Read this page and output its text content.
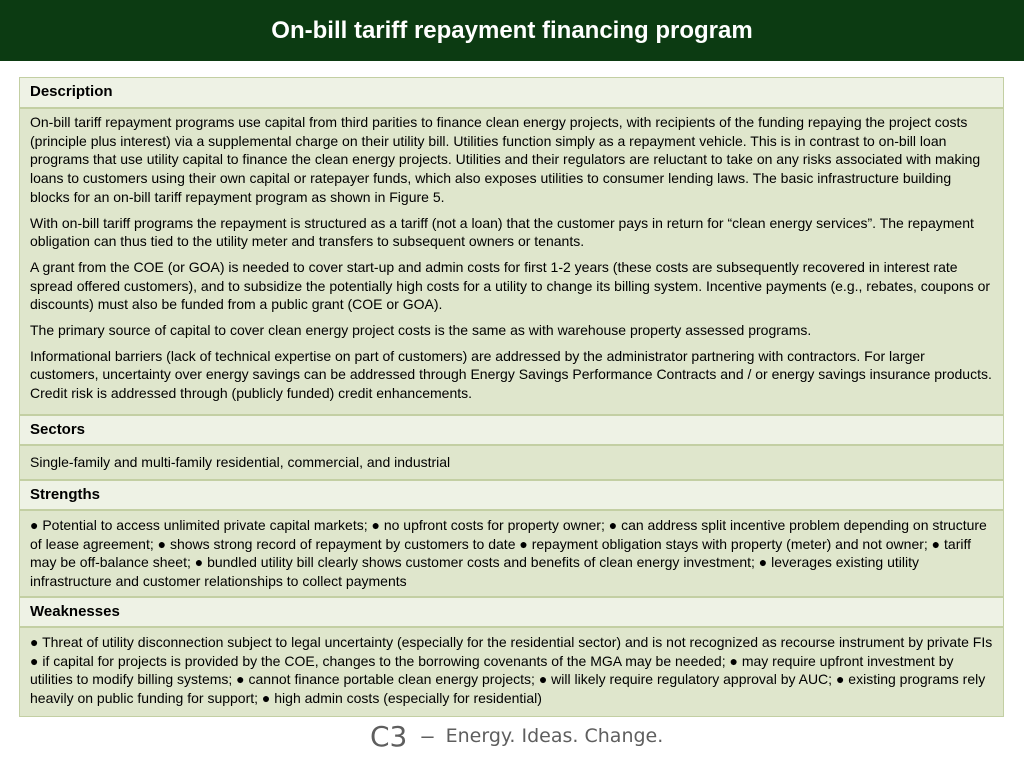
On-bill tariff repayment financing program
Description

On-bill tariff repayment programs use capital from third parities to finance clean energy projects, with recipients of the funding repaying the project costs (principle plus interest) via a supplemental charge on their utility bill. Utilities function simply as a repayment vehicle. This is in contrast to on-bill loan programs that use utility capital to finance the clean energy projects. Utilities and their regulators are reluctant to take on any risks associated with making loans to customers using their own capital or ratepayer funds, which also exposes utilities to consumer lending laws. The basic infrastructure building blocks for an on-bill tariff repayment program as shown in Figure 5.

With on-bill tariff programs the repayment is structured as a tariff (not a loan) that the customer pays in return for “clean energy services”. The repayment obligation can thus tied to the utility meter and transfers to subsequent owners or tenants.

A grant from the COE (or GOA) is needed to cover start-up and admin costs for first 1-2 years (these costs are subsequently recovered in interest rate spread offered customers), and to subsidize the potentially high costs for a utility to change its billing system. Incentive payments (e.g., rebates, coupons or discounts) must also be funded from a public grant (COE or GOA).

The primary source of capital to cover clean energy project costs is the same as with warehouse property assessed programs.

Informational barriers (lack of technical expertise on part of customers) are addressed by the administrator partnering with contractors. For larger customers, uncertainty over energy savings can be addressed through Energy Savings Performance Contracts and / or energy savings insurance products. Credit risk is addressed through (publicly funded) credit enhancements.

Sectors
Single-family and multi-family residential, commercial, and industrial
Strengths
● Potential to access unlimited private capital markets; ● no upfront costs for property owner; ● can address split incentive problem depending on structure of lease agreement; ● shows strong record of repayment by customers to date ● repayment obligation stays with property (meter) and not owner; ● tariff may be off-balance sheet; ● bundled utility bill clearly shows customer costs and benefits of clean energy investment; ● leverages existing utility infrastructure and customer relationships to collect payments
Weaknesses
● Threat of utility disconnection subject to legal uncertainty (especially for the residential sector) and is not recognized as recourse instrument by private FIs ● if capital for projects is provided by the COE, changes to the borrowing covenants of the MGA may be needed; ● may require upfront investment by utilities to modify billing systems; ● cannot finance portable clean energy projects; ● will likely require regulatory approval by AUC; ● existing programs rely heavily on public funding for support; ● high admin costs (especially for residential)
C3 – Energy. Ideas. Change.
